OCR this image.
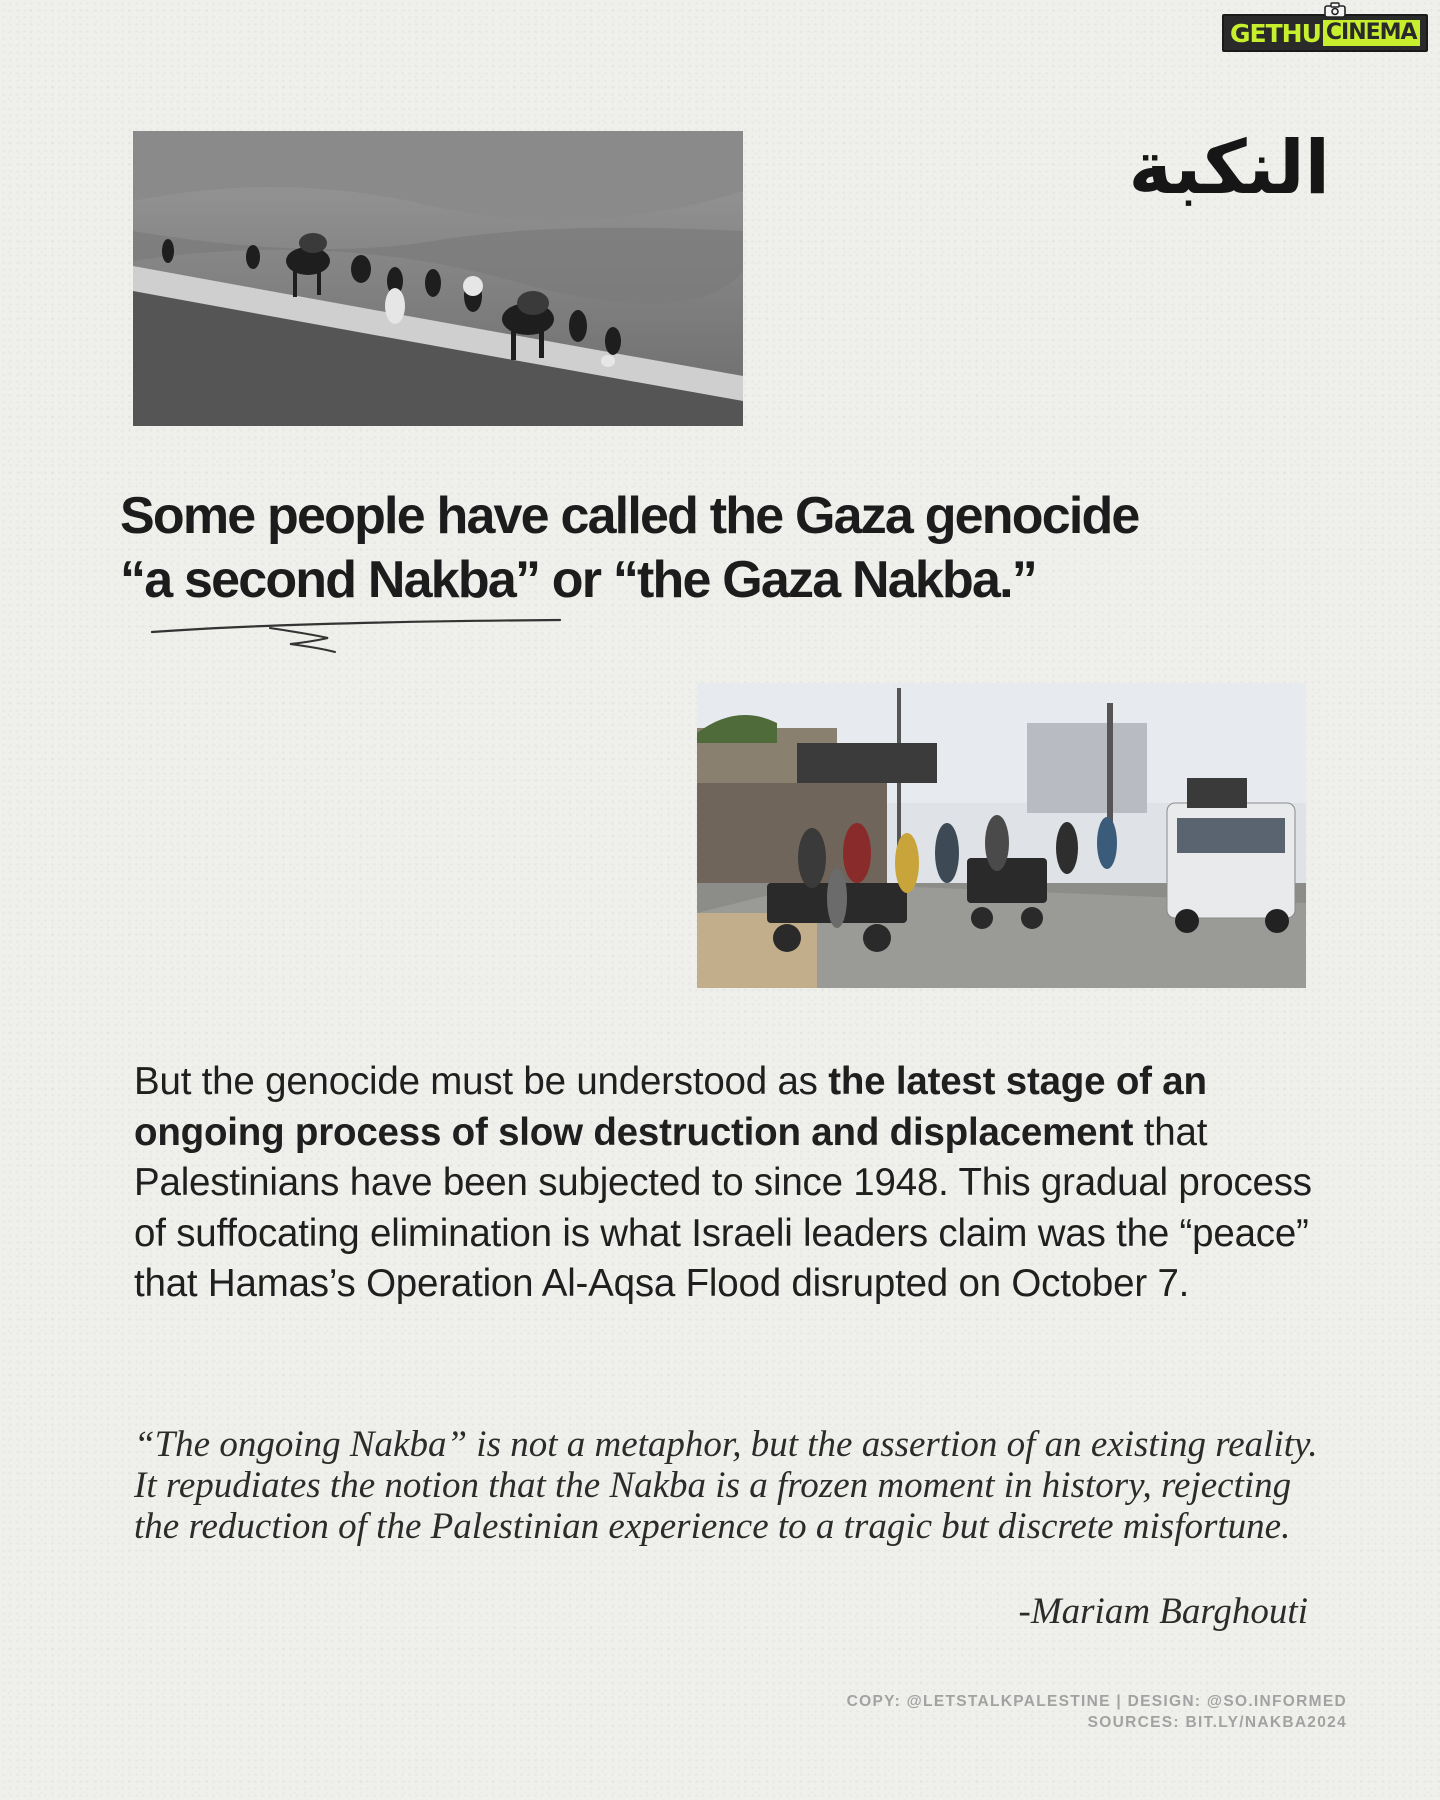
GETHU CINEMA
النكبة
Some people have called the Gaza genocide
“a second Nakba” or “the Gaza Nakba.”
But the genocide must be understood as the latest stage of an ongoing process of slow destruction and displacement that Palestinians have been subjected to since 1948. This gradual process of suffocating elimination is what Israeli leaders claim was the “peace” that Hamas’s Operation Al-Aqsa Flood disrupted on October 7.
“The ongoing Nakba” is not a metaphor, but the assertion of an existing reality. It repudiates the notion that the Nakba is a frozen moment in history, rejecting the reduction of the Palestinian experience to a tragic but discrete misfortune.
-Mariam Barghouti
COPY: @LETSTALKPALESTINE | DESIGN: @SO.INFORMED
SOURCES: BIT.LY/NAKBA2024
